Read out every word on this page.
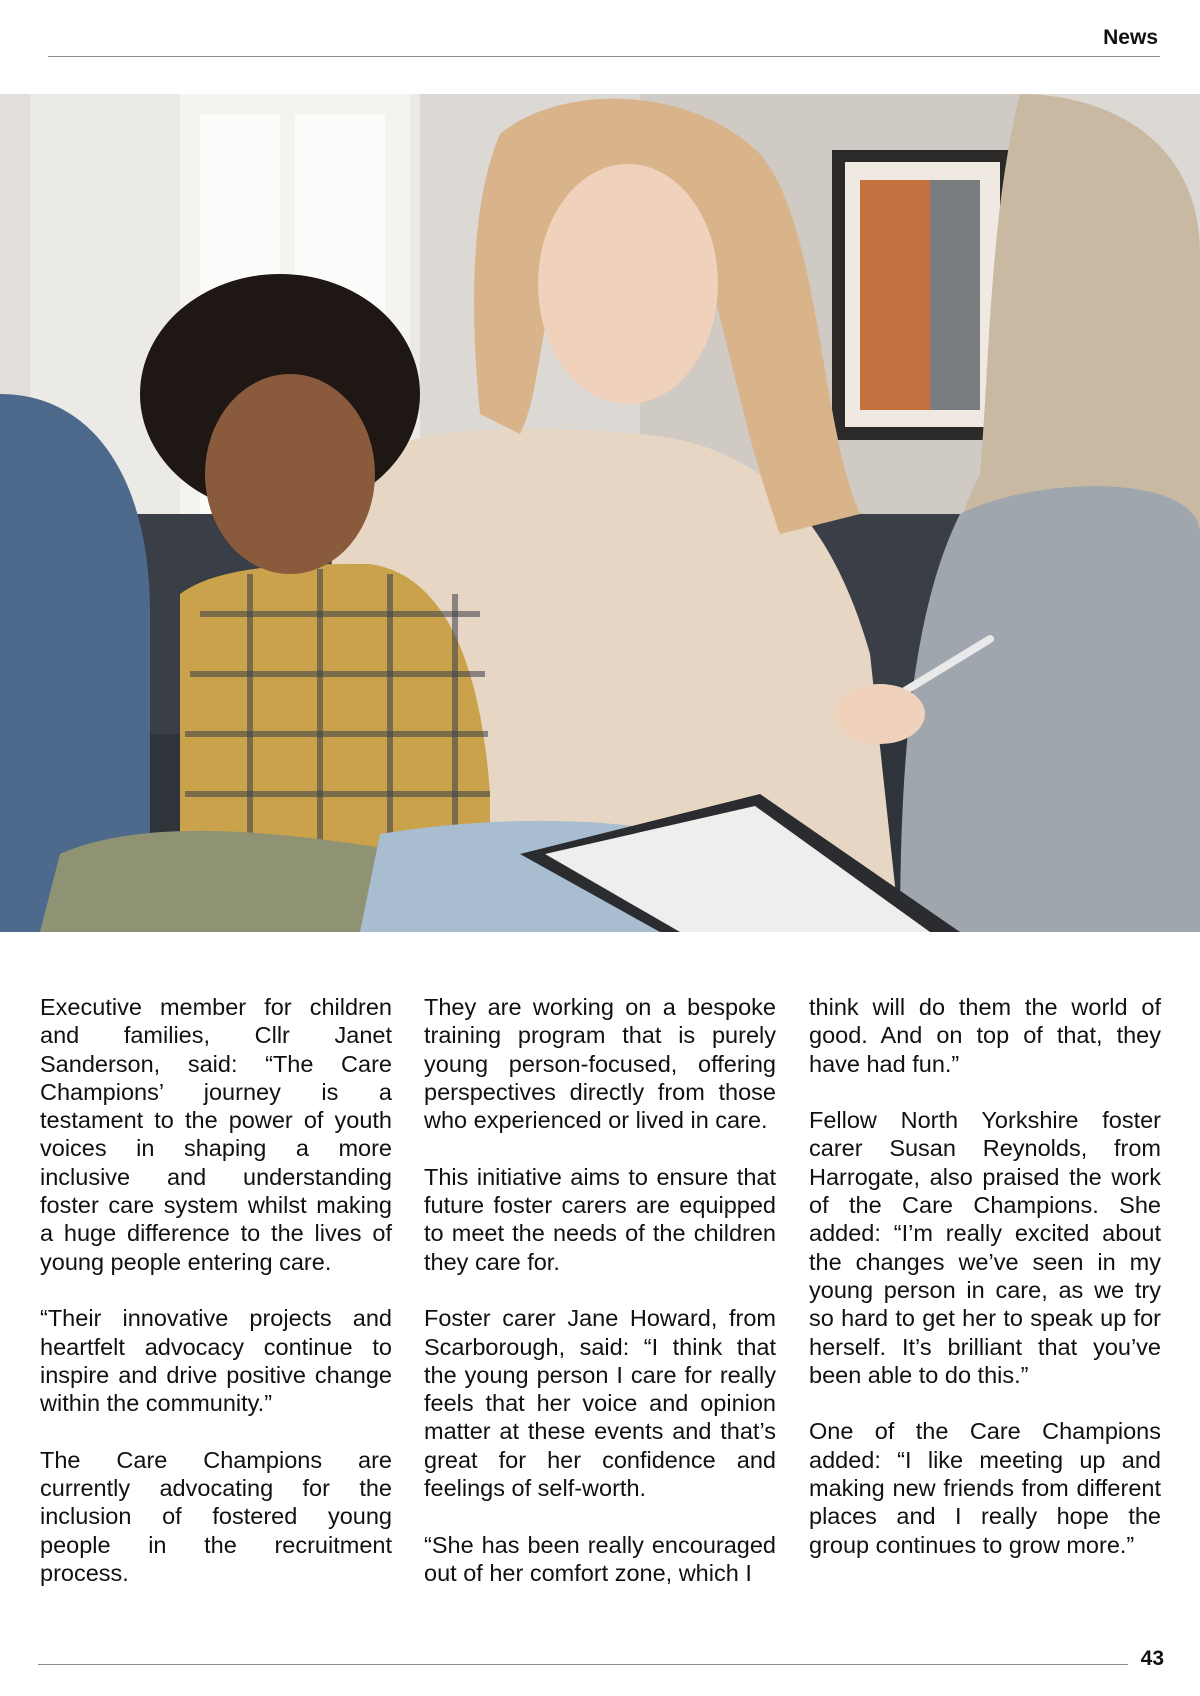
News

Executive member for children and families, Cllr Janet Sanderson, said: “The Care Champions’ journey is a testament to the power of youth voices in shaping a more inclusive and understanding foster care system whilst making a huge difference to the lives of young people entering care.

“Their innovative projects and heartfelt advocacy continue to inspire and drive positive change within the community.”

The Care Champions are currently advocating for the inclusion of fostered young people in the recruitment process.

They are working on a bespoke training program that is purely young person-focused, offering perspectives directly from those who experienced or lived in care.

This initiative aims to ensure that future foster carers are equipped to meet the needs of the children they care for.

Foster carer Jane Howard, from Scarborough, said: “I think that the young person I care for really feels that her voice and opinion matter at these events and that’s great for her confidence and feelings of self-worth.

“She has been really encouraged out of her comfort zone, which I

think will do them the world of good. And on top of that, they have had fun.”

Fellow North Yorkshire foster carer Susan Reynolds, from Harrogate, also praised the work of the Care Champions. She added: “I’m really excited about the changes we’ve seen in my young person in care, as we try so hard to get her to speak up for herself. It’s brilliant that you’ve been able to do this.”

One of the Care Champions added: “I like meeting up and making new friends from different places and I really hope the group continues to grow more.”

43
